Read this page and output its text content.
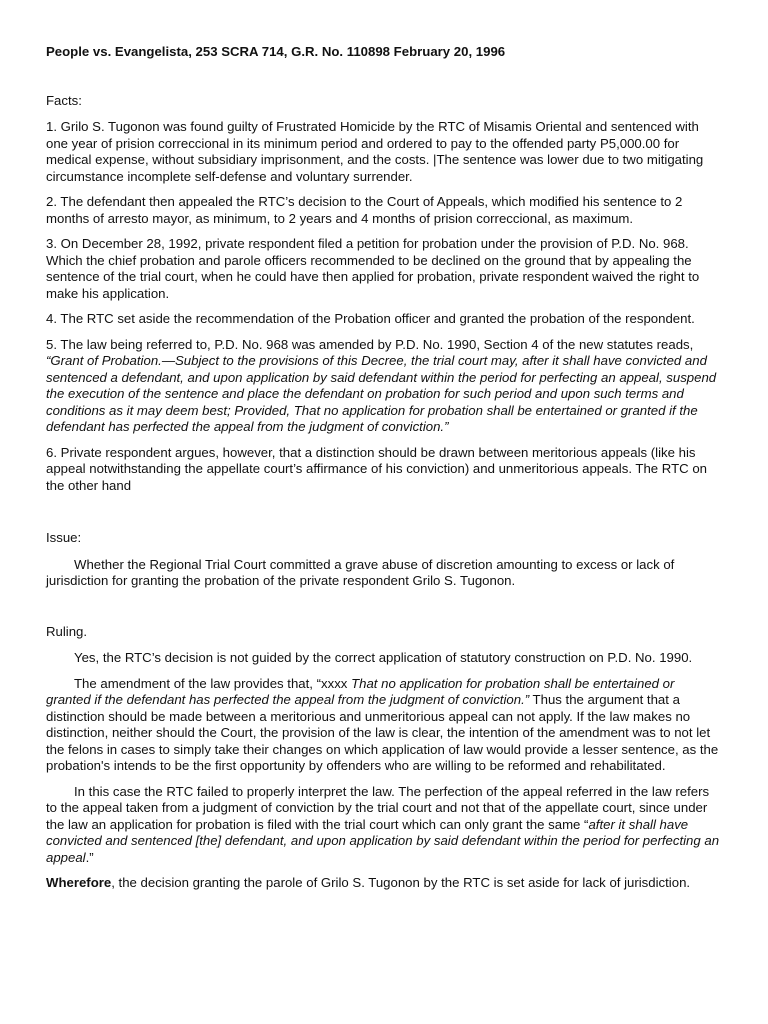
People vs. Evangelista, 253 SCRA 714, G.R. No. 110898 February 20, 1996
Facts:

1. Grilo S. Tugonon was found guilty of Frustrated Homicide by the RTC of Misamis Oriental and sentenced with one year of prision correccional in its minimum period and ordered to pay to the offended party P5,000.00 for medical expense, without subsidiary imprisonment, and the costs. |The sentence was lower due to two mitigating circumstance incomplete self-defense and voluntary surrender.

2. The defendant then appealed the RTC’s decision to the Court of Appeals, which modified his sentence to 2 months of arresto mayor, as minimum, to 2 years and 4 months of prision correccional, as maximum.

3. On December 28, 1992, private respondent filed a petition for probation under the provision of P.D. No. 968. Which the chief probation and parole officers recommended to be declined on the ground that by appealing the sentence of the trial court, when he could have then applied for probation, private respondent waived the right to make his application.

4. The RTC set aside the recommendation of the Probation officer and granted the probation of the respondent.

5. The law being referred to, P.D. No. 968 was amended by P.D. No. 1990, Section 4 of the new statutes reads, “Grant of Probation.—Subject to the provisions of this Decree, the trial court may, after it shall have convicted and sentenced a defendant, and upon application by said defendant within the period for perfecting an appeal, suspend the execution of the sentence and place the defendant on probation for such period and upon such terms and conditions as it may deem best; Provided, That no application for probation shall be entertained or granted if the defendant has perfected the appeal from the judgment of conviction.”

6. Private respondent argues, however, that a distinction should be drawn between meritorious appeals (like his appeal notwithstanding the appellate court’s affirmance of his conviction) and unmeritorious appeals. The RTC on the other hand

Issue:

Whether the Regional Trial Court committed a grave abuse of discretion amounting to excess or lack of jurisdiction for granting the probation of the private respondent Grilo S. Tugonon.

Ruling.

Yes, the RTC’s decision is not guided by the correct application of statutory construction on P.D. No. 1990.

The amendment of the law provides that, “xxxx That no application for probation shall be entertained or granted if the defendant has perfected the appeal from the judgment of conviction.” Thus the argument that a distinction should be made between a meritorious and unmeritorious appeal can not apply. If the law makes no distinction, neither should the Court, the provision of the law is clear, the intention of the amendment was to not let the felons in cases to simply take their changes on which application of law would provide a lesser sentence, as the probation's intends to be the first opportunity by offenders who are willing to be reformed and rehabilitated.

In this case the RTC failed to properly interpret the law. The perfection of the appeal referred in the law refers to the appeal taken from a judgment of conviction by the trial court and not that of the appellate court, since under the law an application for probation is filed with the trial court which can only grant the same “after it shall have convicted and sentenced [the] defendant, and upon application by said defendant within the period for perfecting an appeal.”

Wherefore, the decision granting the parole of Grilo S. Tugonon by the RTC is set aside for lack of jurisdiction.
